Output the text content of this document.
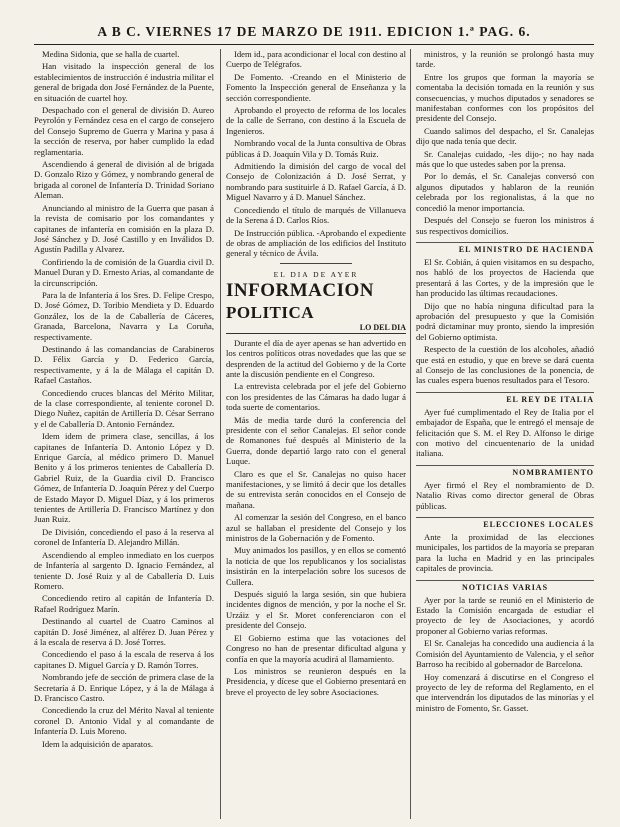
A B C. VIERNES 17 DE MARZO DE 1911. EDICION 1.ª PAG. 6.

Medina Sidonia, que se halla de cuartel.

Han visitado la inspección general de los establecimientos de instrucción é industria militar el general de brigada don José Fernández de la Puente, en situación de cuartel hoy.

Despachado con el general de división D. Aureo Peyrolón y Fernández cesa en el cargo de consejero del Consejo Supremo de Guerra y Marina y pasa á la sección de reserva, por haber cumplido la edad reglamentaria.

Ascendiendo á general de división al de brigada D. Gonzalo Rizo y Gómez, y nombrando general de brigada al coronel de Infantería D. Trinidad Soriano Aleman.

Anunciando al ministro de la Guerra que pasan á la revista de comisario por los comandantes y capitanes de infantería en comisión en la plaza D. José Sánchez y D. José Castillo y en Inválidos D. Agustín Padilla y Alvarez.

Confiriendo la de comisión de la Guardia civil D. Manuel Duran y D. Ernesto Arias, al comandante de la circunscripción.

Para la de Infantería á los Sres. D. Felipe Crespo, D. José Gómez, D. Toribio Mendieta y D. Eduardo González, los de la de Caballería de Cáceres, Granada, Barcelona, Navarra y La Coruña, respectivamente.

Destinando á las comandancias de Carabineros D. Félix García y D. Federico García, respectivamente, y á la de Málaga el capitán D. Rafael Castaños.

Concediendo cruces blancas del Mérito Militar, de la clase correspondiente, al teniente coronel D. Diego Nuñez, capitán de Artillería D. César Serrano y el de Caballería D. Antonio Fernández.

Idem idem de primera clase, sencillas, á los capitanes de Infantería D. Antonio López y D. Enrique García, al médico primero D. Manuel Benito y á los primeros tenientes de Caballería D. Gabriel Ruiz, de la Guardia civil D. Francisco Gómez, de Infantería D. Joaquín Pérez y del Cuerpo de Estado Mayor D. Miguel Díaz, y á los primeros tenientes de Artillería D. Francisco Martínez y don Juan Ruiz.

De División, concediendo el paso á la reserva al coronel de Infantería D. Alejandro Millán.

Ascendiendo al empleo inmediato en los cuerpos de Infantería al sargento D. Ignacio Fernández, al teniente D. José Ruiz y al de Caballería D. Luis Romero.

Concediendo retiro al capitán de Infantería D. Rafael Rodríguez Marín.

Destinando al cuartel de Cuatro Caminos al capitán D. José Jiménez, al alférez D. Juan Pérez y á la escala de reserva á D. José Torres.

Concediendo el paso á la escala de reserva á los capitanes D. Miguel García y D. Ramón Torres.

Nombrando jefe de sección de primera clase de la Secretaría á D. Enrique López, y á la de Málaga á D. Francisco Castro.

Concediendo la cruz del Mérito Naval al teniente coronel D. Antonio Vidal y al comandante de Infantería D. Luis Moreno.

Idem la adquisición de aparatos.

Idem id., para acondicionar el local con destino al Cuerpo de Telégrafos.

De Fomento. -Creando en el Ministerio de Fomento la Inspección general de Enseñanza y la sección correspondiente.

Aprobando el proyecto de reforma de los locales de la calle de Serrano, con destino á la Escuela de Ingenieros.

Nombrando vocal de la Junta consultiva de Obras públicas á D. Joaquín Vila y D. Tomás Ruiz.

Admitiendo la dimisión del cargo de vocal del Consejo de Colonización á D. José Serrat, y nombrando para sustituirle á D. Rafael García, á D. Miguel Navarro y á D. Manuel Sánchez.

Concediendo el título de marqués de Villanueva de la Serena á D. Carlos Ríos.

De Instrucción pública. -Aprobando el expediente de obras de ampliación de los edificios del Instituto general y técnico de Ávila.

EL DIA DE AYER
INFORMACION
POLITICA
LO DEL DIA

Durante el día de ayer apenas se han advertido en los centros políticos otras novedades que las que se desprenden de la actitud del Gobierno y de la Corte ante la discusión pendiente en el Congreso.

La entrevista celebrada por el jefe del Gobierno con los presidentes de las Cámaras ha dado lugar á toda suerte de comentarios.

Más de media tarde duró la conferencia del presidente con el señor Canalejas. El señor conde de Romanones fué después al Ministerio de la Guerra, donde departió largo rato con el general Luque.

Claro es que el Sr. Canalejas no quiso hacer manifestaciones, y se limitó á decir que los detalles de su entrevista serán conocidos en el Consejo de mañana.

Al comenzar la sesión del Congreso, en el banco azul se hallaban el presidente del Consejo y los ministros de la Gobernación y de Fomento.

Muy animados los pasillos, y en ellos se comentó la noticia de que los republicanos y los socialistas insistirán en la interpelación sobre los sucesos de Cullera.

Después siguió la larga sesión, sin que hubiera incidentes dignos de mención, y por la noche el Sr. Urzáiz y el Sr. Moret conferenciaron con el presidente del Consejo.

El Gobierno estima que las votaciones del Congreso no han de presentar dificultad alguna y confía en que la mayoría acudirá al llamamiento.

Los ministros se reunieron después en la Presidencia, y dícese que el Gobierno presentará en breve el proyecto de ley sobre Asociaciones.

ministros, y la reunión se prolongó hasta muy tarde.

Entre los grupos que forman la mayoría se comentaba la decisión tomada en la reunión y sus consecuencias, y muchos diputados y senadores se manifestaban conformes con los propósitos del presidente del Consejo.

Cuando salimos del despacho, el Sr. Canalejas dijo que nada tenía que decir.

Sr. Canalejas cuidado, -les dijo-; no hay nada más que lo que ustedes saben por la prensa.

Por lo demás, el Sr. Canalejas conversó con algunos diputados y hablaron de la reunión celebrada por los regionalistas, á la que no concedió la menor importancia.

Después del Consejo se fueron los ministros á sus respectivos domicilios.

EL MINISTRO DE HACIENDA

El Sr. Cobián, á quien visitamos en su despacho, nos habló de los proyectos de Hacienda que presentará á las Cortes, y de la impresión que le han producido las últimas recaudaciones.

Dijo que no había ninguna dificultad para la aprobación del presupuesto y que la Comisión podrá dictaminar muy pronto, siendo la impresión del Gobierno optimista.

Respecto de la cuestión de los alcoholes, añadió que está en estudio, y que en breve se dará cuenta al Consejo de las conclusiones de la ponencia, de las cuales espera buenos resultados para el Tesoro.

EL REY DE ITALIA

Ayer fué cumplimentado el Rey de Italia por el embajador de España, que le entregó el mensaje de felicitación que S. M. el Rey D. Alfonso le dirige con motivo del cincuentenario de la unidad italiana.

NOMBRAMIENTO

Ayer firmó el Rey el nombramiento de D. Natalio Rivas como director general de Obras públicas.

ELECCIONES LOCALES

Ante la proximidad de las elecciones municipales, los partidos de la mayoría se preparan para la lucha en Madrid y en las principales capitales de provincia.

NOTICIAS VARIAS

Ayer por la tarde se reunió en el Ministerio de Estado la Comisión encargada de estudiar el proyecto de ley de Asociaciones, y acordó proponer al Gobierno varias reformas.

El Sr. Canalejas ha concedido una audiencia á la Comisión del Ayuntamiento de Valencia, y el señor Barroso ha recibido al gobernador de Barcelona.

Hoy comenzará á discutirse en el Congreso el proyecto de ley de reforma del Reglamento, en el que intervendrán los diputados de las minorías y el ministro de Fomento, Sr. Gasset.
